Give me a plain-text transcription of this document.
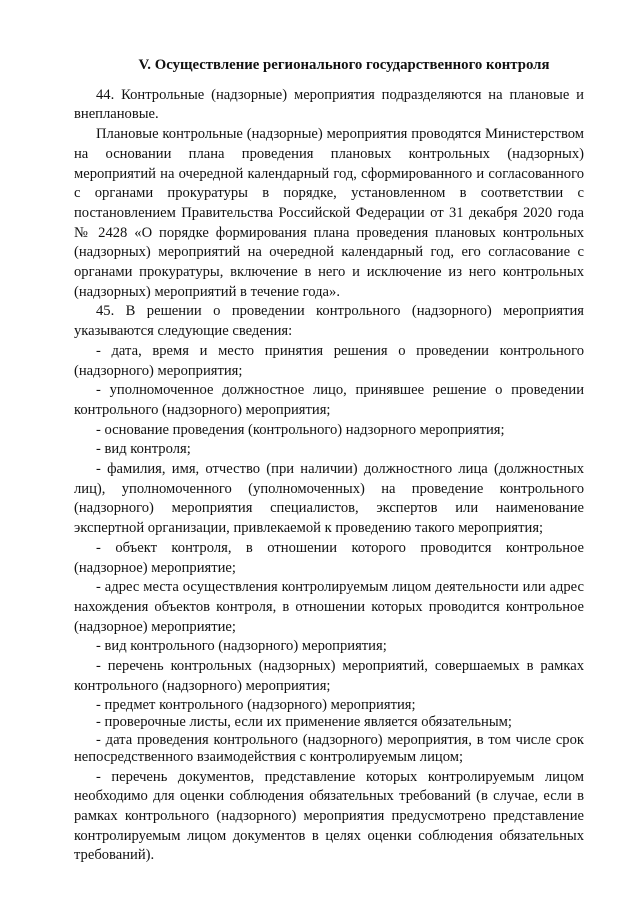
V. Осуществление регионального государственного контроля

44. Контрольные (надзорные) мероприятия подразделяются на плановые и внеплановые.

Плановые контрольные (надзорные) мероприятия проводятся Министерством на основании плана проведения плановых контрольных (надзорных) мероприятий на очередной календарный год, сформированного и согласованного с органами прокуратуры в порядке, установленном в соответствии с постановлением Правительства Российской Федерации от 31 декабря 2020 года № 2428 «О порядке формирования плана проведения плановых контрольных (надзорных) мероприятий на очередной календарный год, его согласование с органами прокуратуры, включение в него и исключение из него контрольных (надзорных) мероприятий в течение года».

45. В решении о проведении контрольного (надзорного) мероприятия указываются следующие сведения:

- дата, время и место принятия решения о проведении контрольного (надзорного) мероприятия;

- уполномоченное должностное лицо, принявшее решение о проведении контрольного (надзорного) мероприятия;

- основание проведения (контрольного) надзорного мероприятия;

- вид контроля;

- фамилия, имя, отчество (при наличии) должностного лица (должностных лиц), уполномоченного (уполномоченных) на проведение контрольного (надзорного) мероприятия специалистов, экспертов или наименование экспертной организации, привлекаемой к проведению такого мероприятия;

- объект контроля, в отношении которого проводится контрольное (надзорное) мероприятие;

- адрес места осуществления контролируемым лицом деятельности или адрес нахождения объектов контроля, в отношении которых проводится контрольное (надзорное) мероприятие;

- вид контрольного (надзорного) мероприятия;

- перечень контрольных (надзорных) мероприятий, совершаемых в рамках контрольного (надзорного) мероприятия;

- предмет контрольного (надзорного) мероприятия;

- проверочные листы, если их применение является обязательным;

- дата проведения контрольного (надзорного) мероприятия, в том числе срок непосредственного взаимодействия с контролируемым лицом;

- перечень документов, представление которых контролируемым лицом необходимо для оценки соблюдения обязательных требований (в случае, если в рамках контрольного (надзорного) мероприятия предусмотрено представление контролируемым лицом документов в целях оценки соблюдения обязательных требований).
